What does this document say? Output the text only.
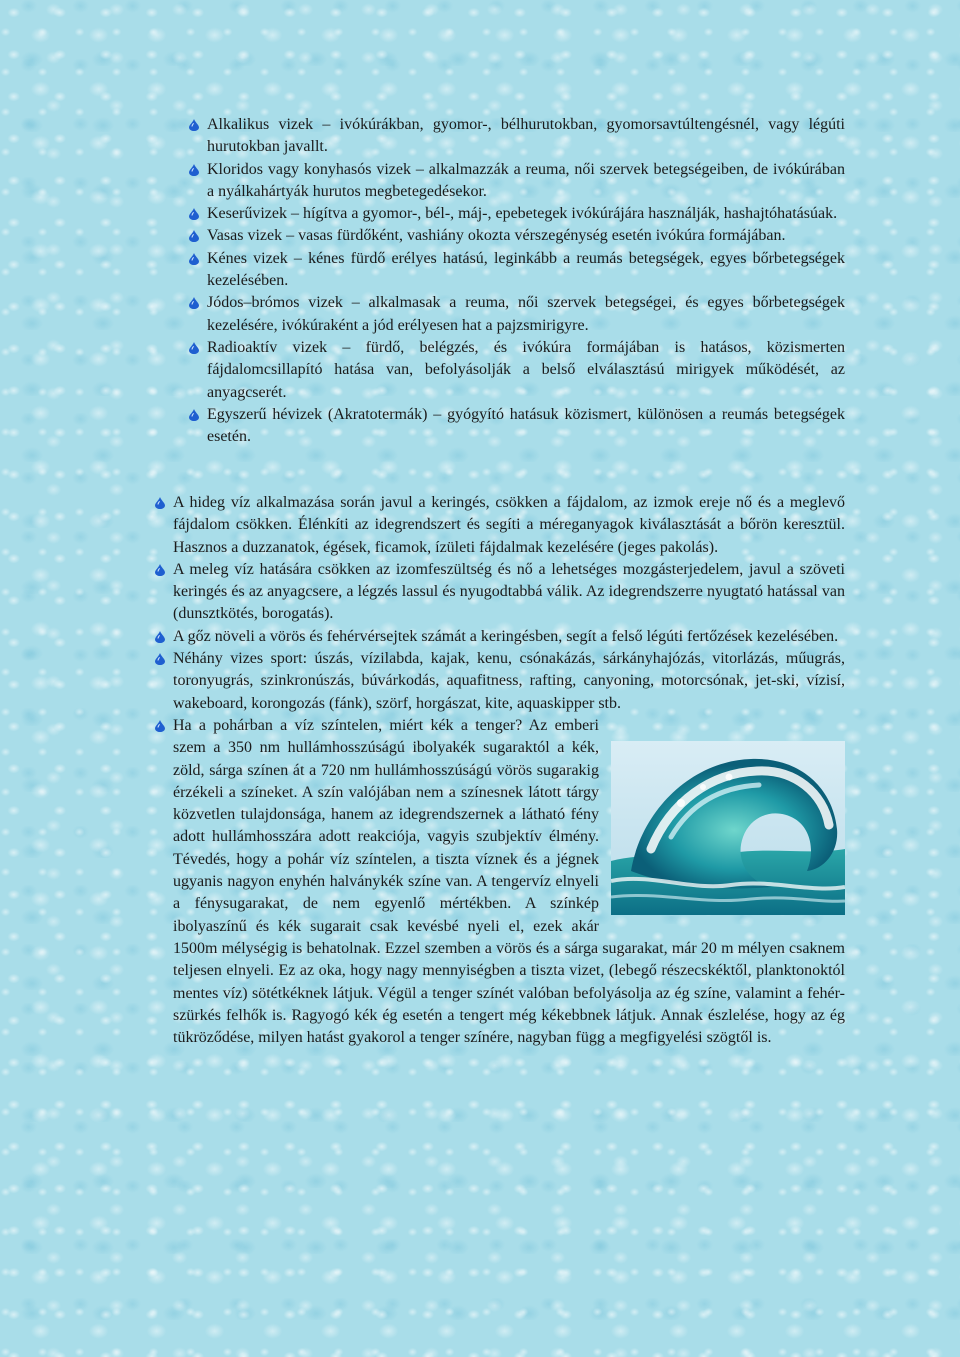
Alkalikus vizek – ivókúrákban, gyomor-, bélhurutokban, gyomorsavtúltengésnél, vagy légúti hurutokban javallt.
Kloridos vagy konyhasós vizek – alkalmazzák a reuma, női szervek betegségeiben, de ivókúrában a nyálkahártyák hurutos megbetegedésekor.
Keserűvizek – hígítva a gyomor-, bél-, máj-, epebetegek ivókúrájára használják, hashajtóhatásúak.
Vasas vizek – vasas fürdőként, vashiány okozta vérszegénység esetén ivókúra formájában.
Kénes vizek – kénes fürdő erélyes hatású, leginkább a reumás betegségek, egyes bőrbetegségek kezelésében.
Jódos–brómos vizek – alkalmasak a reuma, női szervek betegségei, és egyes bőrbetegségek kezelésére, ivókúraként a jód erélyesen hat a pajzsmirigyre.
Radioaktív vizek – fürdő, belégzés, és ivókúra formájában is hatásos, közismerten fájdalomcsillapító hatása van, befolyásolják a belső elválasztású mirigyek működését, az anyagcserét.
Egyszerű hévizek (Akratotermák) – gyógyító hatásuk közismert, különösen a reumás betegségek esetén.
A hideg víz alkalmazása során javul a keringés, csökken a fájdalom, az izmok ereje nő és a meglevő fájdalom csökken. Élénkíti az idegrendszert és segíti a méreganyagok kiválasztását a bőrön keresztül. Hasznos a duzzanatok, égések, ficamok, ízületi fájdalmak kezelésére (jeges pakolás).
A meleg víz hatására csökken az izomfeszültség és nő a lehetséges mozgásterjedelem, javul a szöveti keringés és az anyagcsere, a légzés lassul és nyugodtabbá válik. Az idegrendszerre nyugtató hatással van (dunsztkötés, borogatás).
A gőz növeli a vörös és fehérvérsejtek számát a keringésben, segít a felső légúti fertőzések kezelésében.
Néhány vizes sport: úszás, vízilabda, kajak, kenu, csónakázás, sárkányhajózás, vitorlázás, műugrás, toronyugrás, szinkronúszás, búvárkodás, aquafitness, rafting, canyoning, motorcsónak, jet-ski, vízisí, wakeboard, korongozás (fánk), szörf, horgászat, kite, aquaskipper stb.
Ha a pohárban a víz színtelen, miért kék a tenger? Az emberi szem a 350 nm hullámhosszúságú ibolyakék sugaraktól a kék, zöld, sárga színen át a 720 nm hullámhosszúságú vörös sugarakig érzékeli a színeket. A szín valójában nem a színesnek látott tárgy közvetlen tulajdonsága, hanem az idegrendszernek a látható fény adott hullámhosszára adott reakciója, vagyis szubjektív élmény. Tévedés, hogy a pohár víz színtelen, a tiszta víznek és a jégnek ugyanis nagyon enyhén halványkék színe van. A tengervíz elnyeli a fénysugarakat, de nem egyenlő mértékben. A színkép ibolyaszínű és kék sugarait csak kevésbé nyeli el, ezek akár 1500m mélységig is behatolnak. Ezzel szemben a vörös és a sárga sugarakat, már 20 m mélyen csaknem teljesen elnyeli. Ez az oka, hogy nagy mennyiségben a tiszta vizet, (lebegő részecskéktől, planktonoktól mentes víz) sötétkéknek látjuk. Végül a tenger színét valóban befolyásolja az ég színe, valamint a fehér-szürkés felhők is. Ragyogó kék ég esetén a tengert még kékebbnek látjuk. Annak észlelése, hogy az ég tükröződése, milyen hatást gyakorol a tenger színére, nagyban függ a megfigyelési szögtől is.
